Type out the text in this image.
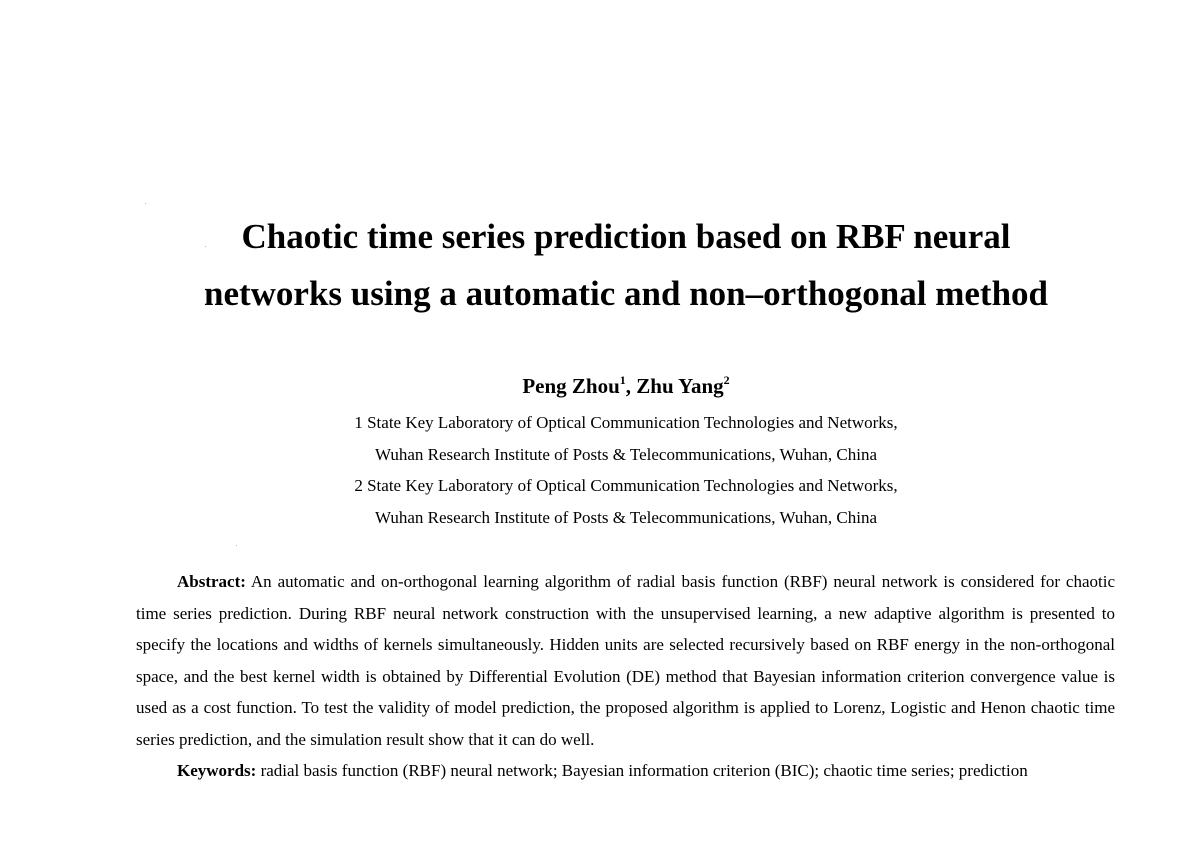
Chaotic time series prediction based on RBF neural
networks using a automatic and non–orthogonal method
Peng Zhou$^1$, Zhu Yang$^2$
1 State Key Laboratory of Optical Communication Technologies and Networks,
Wuhan Research Institute of Posts & Telecommunications, Wuhan, China
2 State Key Laboratory of Optical Communication Technologies and Networks,
Wuhan Research Institute of Posts & Telecommunications, Wuhan, China

Abstract: An automatic and on-orthogonal learning algorithm of radial basis function (RBF) neural network is considered for chaotic time series prediction. During RBF neural network construction with the unsupervised learning, a new adaptive algorithm is presented to specify the locations and widths of kernels simultaneously. Hidden units are selected recursively based on RBF energy in the non-orthogonal space, and the best kernel width is obtained by Differential Evolution (DE) method that Bayesian information criterion convergence value is used as a cost function. To test the validity of model prediction, the proposed algorithm is applied to Lorenz, Logistic and Henon chaotic time series prediction, and the simulation result show that it can do well.

Keywords: radial basis function (RBF) neural network; Bayesian information criterion (BIC); chaotic time series; prediction
